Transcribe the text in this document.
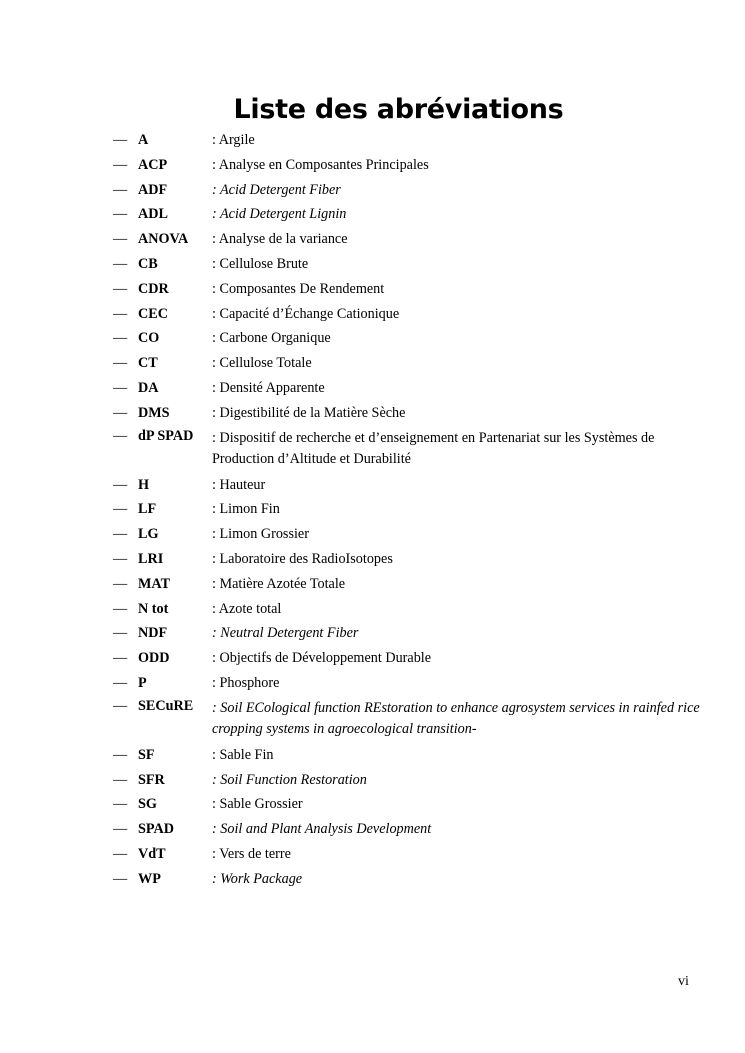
Liste des abréviations
— A	: Argile
— ACP	: Analyse en Composantes Principales
— ADF	: Acid Detergent Fiber
— ADL	: Acid Detergent Lignin
— ANOVA : Analyse de la variance
— CB	: Cellulose Brute
— CDR	: Composantes De Rendement
— CEC	: Capacité d’Échange Cationique
— CO	: Carbone Organique
— CT	: Cellulose Totale
— DA	: Densité Apparente
— DMS	: Digestibilité de la Matière Sèche
— dP SPAD : Dispositif de recherche et d’enseignement en Partenariat sur les Systèmes de Production d’Altitude et Durabilité
— H	: Hauteur
— LF	: Limon Fin
— LG	: Limon Grossier
— LRI	: Laboratoire des RadioIsotopes
— MAT	: Matière Azotée Totale
— N tot	: Azote total
— NDF	: Neutral Detergent Fiber
— ODD	: Objectifs de Développement Durable
— P	: Phosphore
— SECuRE : Soil ECological function REstoration to enhance agrosystem services in rainfed rice cropping systems in agroecological transition-
— SF	: Sable Fin
— SFR	: Soil Function Restoration
— SG	: Sable Grossier
— SPAD	: Soil and Plant Analysis Development
— VdT	: Vers de terre
— WP	: Work Package
vi
